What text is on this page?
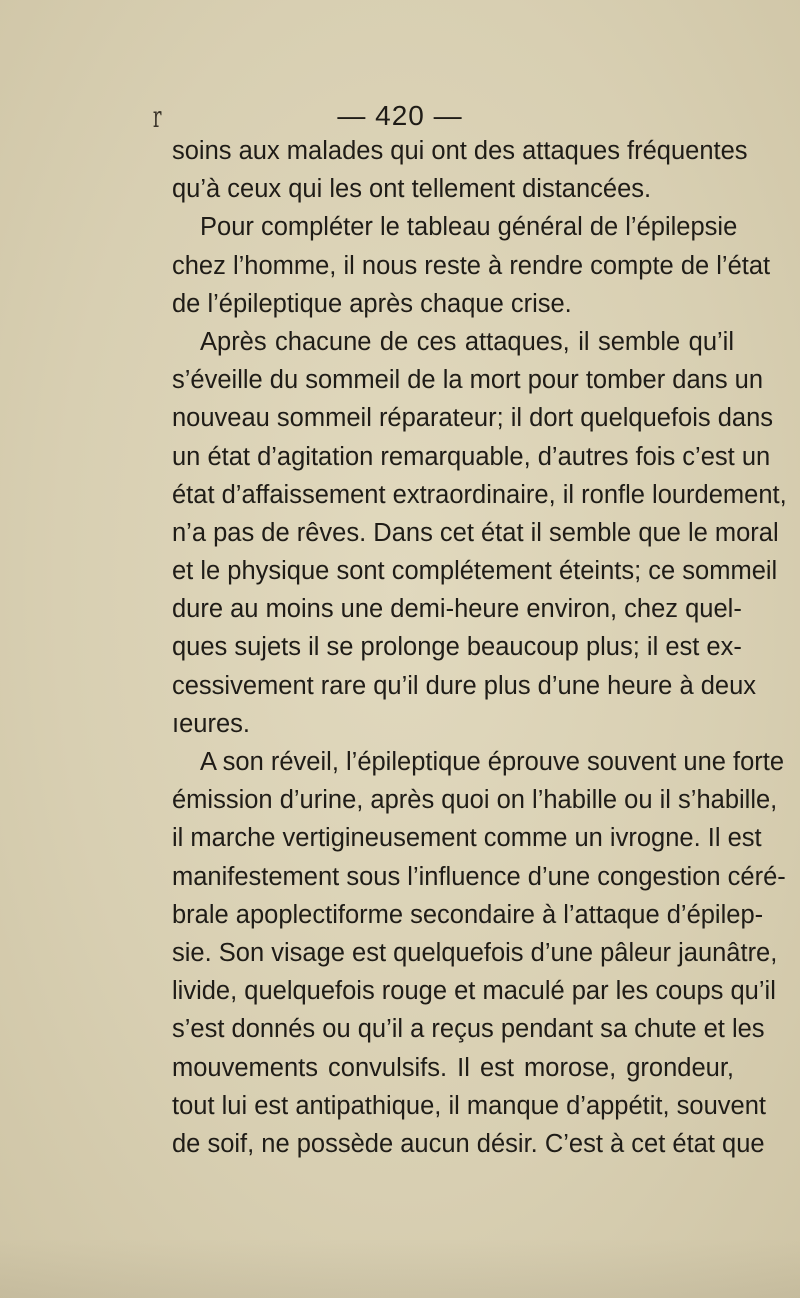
r	— 420 —
soins aux malades qui ont des attaques fréquentes
qu’à ceux qui les ont tellement distancées.
Pour compléter le tableau général de l’épilepsie
chez l’homme, il nous reste à rendre compte de l’état
de l’épileptique après chaque crise.
Après chacune de ces attaques, il semble qu’il
s’éveille du sommeil de la mort pour tomber dans un
nouveau sommeil réparateur; il dort quelquefois dans
un état d’agitation remarquable, d’autres fois c’est un
état d’affaissement extraordinaire, il ronfle lourdement,
n’a pas de rêves. Dans cet état il semble que le moral
et le physique sont complétement éteints; ce sommeil
dure au moins une demi-heure environ, chez quel-
ques sujets il se prolonge beaucoup plus; il est ex-
cessivement rare qu’il dure plus d’une heure à deux
ıeures.
A son réveil, l’épileptique éprouve souvent une forte
émission d’urine, après quoi on l’habille ou il s’habille,
il marche vertigineusement comme un ivrogne. Il est
manifestement sous l’influence d’une congestion céré-
brale apoplectiforme secondaire à l’attaque d’épilep-
sie. Son visage est quelquefois d’une pâleur jaunâtre,
livide, quelquefois rouge et maculé par les coups qu’il
s’est donnés ou qu’il a reçus pendant sa chute et les
mouvements convulsifs. Il est morose, grondeur,
tout lui est antipathique, il manque d’appétit, souvent
de soif, ne possède aucun désir. C’est à cet état que
